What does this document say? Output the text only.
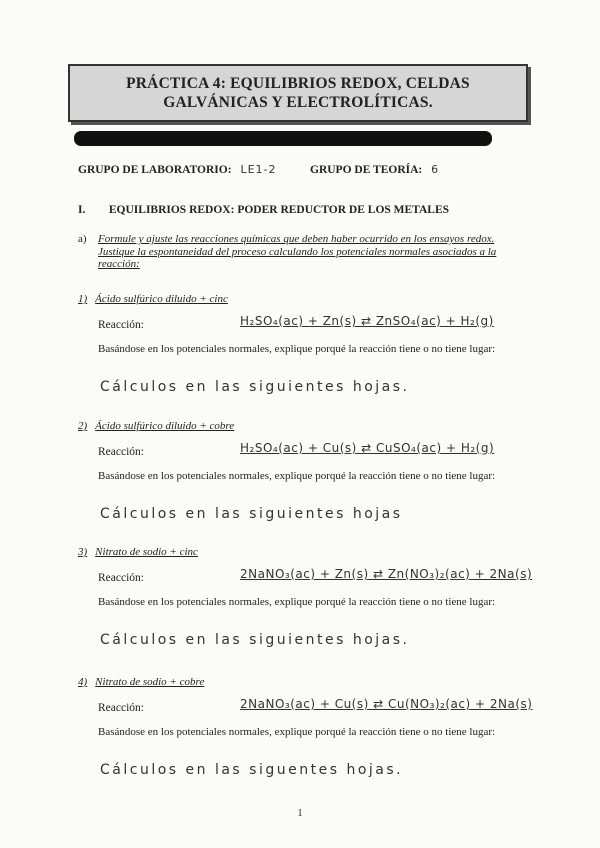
PRÁCTICA 4: EQUILIBRIOS REDOX, CELDAS
GALVÁNICAS Y ELECTROLÍTICAS.
GRUPO DE LABORATORIO: LE1-2	GRUPO DE TEORÍA: 6
I. EQUILIBRIOS REDOX: PODER REDUCTOR DE LOS METALES
a) Formule y ajuste las reacciones químicas que deben haber ocurrido en los ensayos redox. Justique la espontaneidad del proceso calculando los potenciales normales asociados a la reacción:
1) Ácido sulfúrico diluido + cinc
Reacción:	H₂SO₄(ac) + Zn(s) ⇄ ZnSO₄(ac) + H₂(g)
Basándose en los potenciales normales, explique porqué la reacción tiene o no tiene lugar:
Cálculos en las siguientes hojas.
2) Ácido sulfúrico diluido + cobre
Reacción:	H₂SO₄(ac) + Cu(s) ⇄ CuSO₄(ac) + H₂(g)
Basándose en los potenciales normales, explique porqué la reacción tiene o no tiene lugar:
Cálculos en las siguientes hojas
3) Nitrato de sodio + cinc
Reacción:	2NaNO₃(ac) + Zn(s) ⇄ Zn(NO₃)₂(ac) + 2Na(s)
Basándose en los potenciales normales, explique porqué la reacción tiene o no tiene lugar:
Cálculos en las siguientes hojas.
4) Nitrato de sodio + cobre
Reacción:	2NaNO₃(ac) + Cu(s) ⇄ Cu(NO₃)₂(ac) + 2Na(s)
Basándose en los potenciales normales, explique porqué la reacción tiene o no tiene lugar:
Cálculos en las siguentes hojas.
1
